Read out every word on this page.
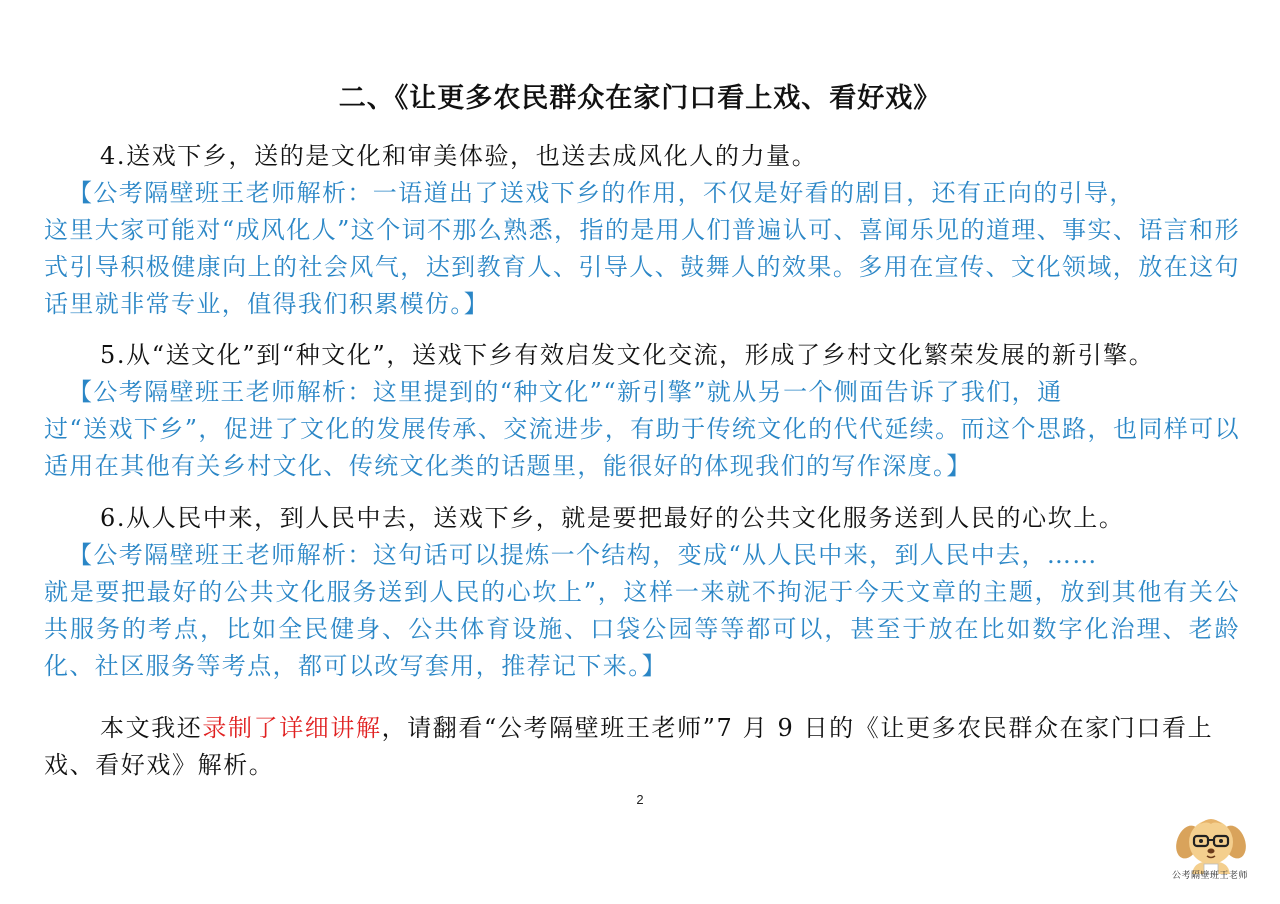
二、《让更多农民群众在家门口看上戏、看好戏》

4.送戏下乡，送的是文化和审美体验，也送去成风化人的力量。

【公考隔壁班王老师解析：一语道出了送戏下乡的作用，不仅是好看的剧目，还有正向的引导，
这里大家可能对“成风化人”这个词不那么熟悉，指的是用人们普遍认可、喜闻乐见的道理、事实、语言和形式引导积极健康向上的社会风气，达到教育人、引导人、鼓舞人的效果。多用在宣传、文化领域，放在这句话里就非常专业，值得我们积累模仿。】

5.从“送文化”到“种文化”，送戏下乡有效启发文化交流，形成了乡村文化繁荣发展的新引擎。

【公考隔壁班王老师解析：这里提到的“种文化”“新引擎”就从另一个侧面告诉了我们，通
过“送戏下乡”，促进了文化的发展传承、交流进步，有助于传统文化的代代延续。而这个思路，也同样可以适用在其他有关乡村文化、传统文化类的话题里，能很好的体现我们的写作深度。】

6.从人民中来，到人民中去，送戏下乡，就是要把最好的公共文化服务送到人民的心坎上。

【公考隔壁班王老师解析：这句话可以提炼一个结构，变成“从人民中来，到人民中去，……
就是要把最好的公共文化服务送到人民的心坎上”，这样一来就不拘泥于今天文章的主题，放到其他有关公共服务的考点，比如全民健身、公共体育设施、口袋公园等等都可以，甚至于放在比如数字化治理、老龄化、社区服务等考点，都可以改写套用，推荐记下来。】

本文我还录制了详细讲解，请翻看“公考隔壁班王老师”7 月 9 日的《让更多农民群众在家门口看上戏、看好戏》解析。

2
公考隔壁班王老师
